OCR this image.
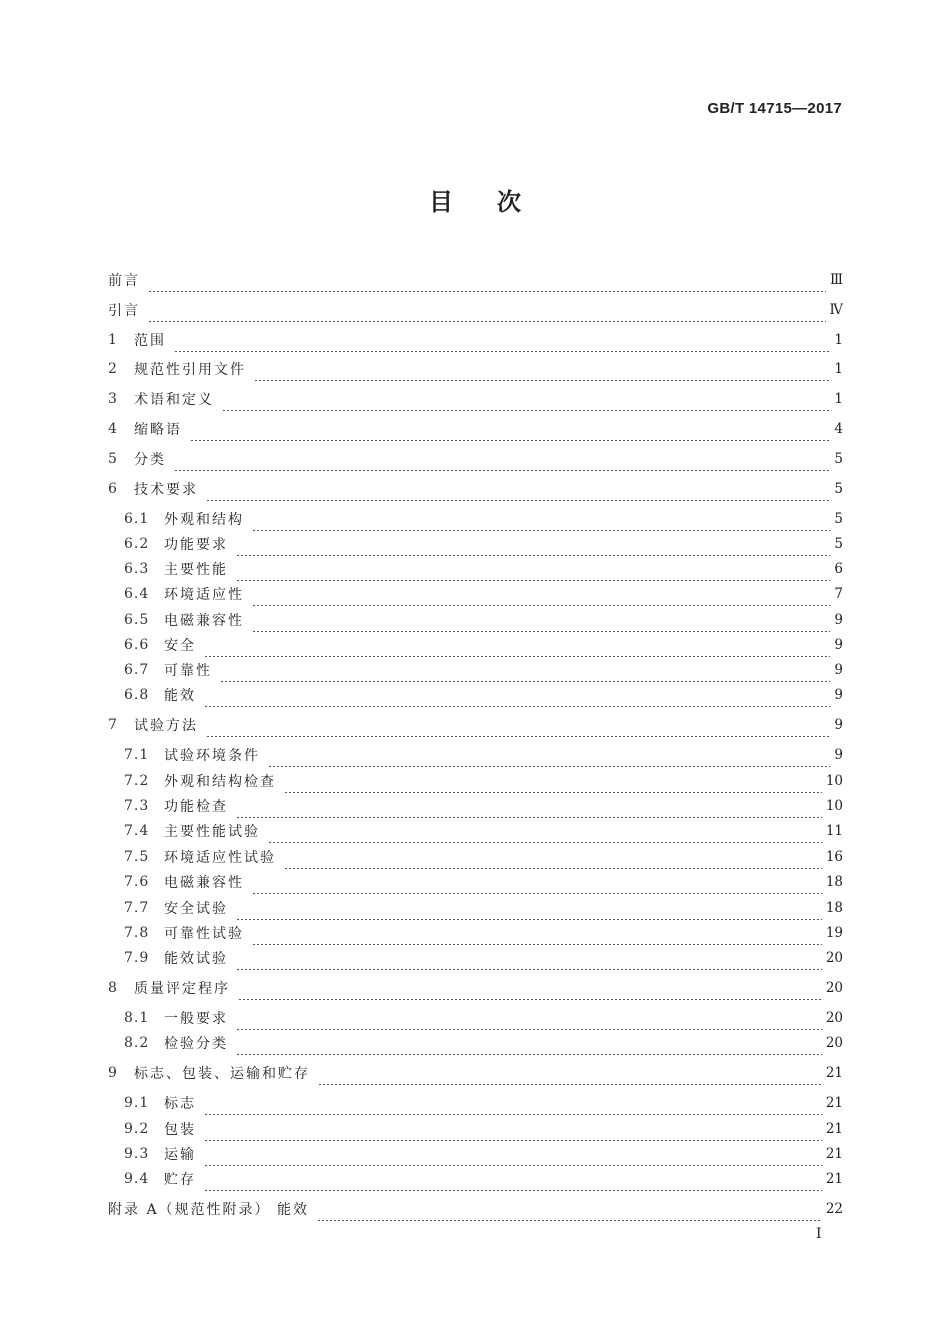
GB/T 14715—2017
目 次
前言	Ⅲ
引言	Ⅳ
1	范围	1
2	规范性引用文件	1
3	术语和定义	1
4	缩略语	4
5	分类	5
6	技术要求	5
6.1	外观和结构	5
6.2	功能要求	5
6.3	主要性能	6
6.4	环境适应性	7
6.5	电磁兼容性	9
6.6	安全	9
6.7	可靠性	9
6.8	能效	9
7	试验方法	9
7.1	试验环境条件	9
7.2	外观和结构检查	10
7.3	功能检查	10
7.4	主要性能试验	11
7.5	环境适应性试验	16
7.6	电磁兼容性	18
7.7	安全试验	18
7.8	可靠性试验	19
7.9	能效试验	20
8	质量评定程序	20
8.1	一般要求	20
8.2	检验分类	20
9	标志、包装、运输和贮存	21
9.1	标志	21
9.2	包装	21
9.3	运输	21
9.4	贮存	21
附录 A（规范性附录） 能效	22
I
